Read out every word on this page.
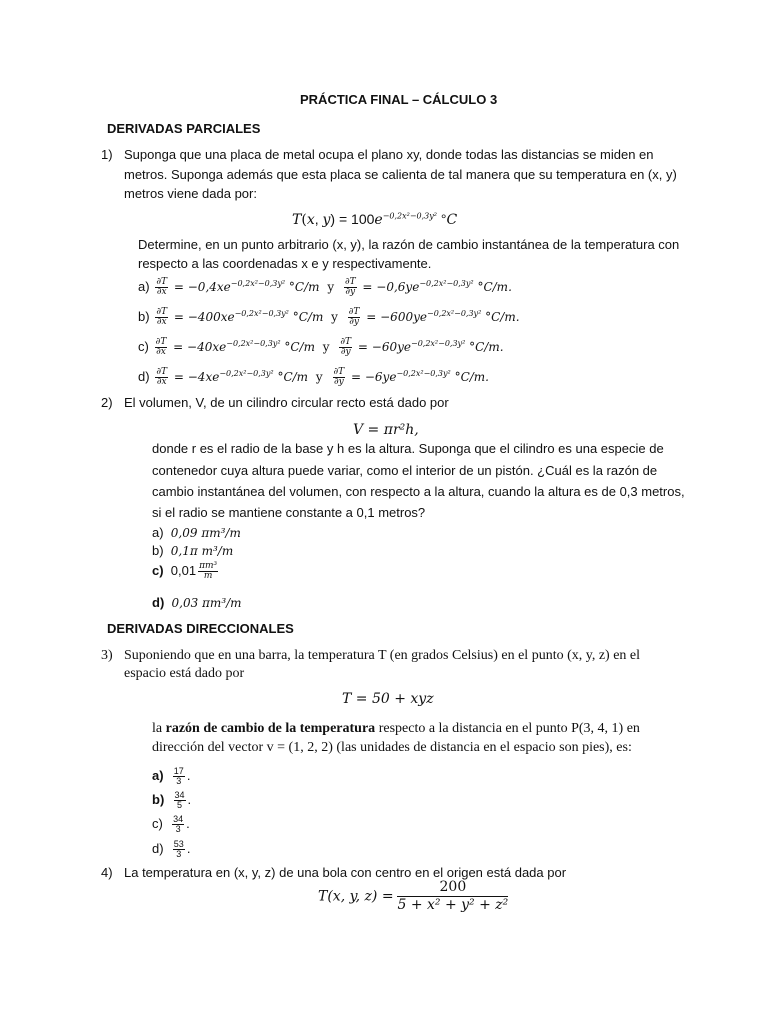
PRÁCTICA FINAL – CÁLCULO 3
DERIVADAS PARCIALES
1) Suponga que una placa de metal ocupa el plano xy, donde todas las distancias se miden en
metros. Suponga además que esta placa se calienta de tal manera que su temperatura en (x, y)
metros viene dada por:
T(x, $y) = 100e^{-0,2x^2-0,3y^2}$ °C
Determine, en un punto arbitrario (x, y), la razón de cambio instantánea de la temperatura con
respecto a las coordenadas x e y respectivamente.
$a) \frac{\partial T}{\partial x} = -0,4xe^{-0,2x^2-0,3y^2}$ °C/m y $\frac{\partial T}{\partial y} = -0,6ye^{-0,2x^2-0,3y^2}$ °C/m.
$b) \frac{\partial T}{\partial x} = -400xe^{-0,2x^2-0,3y^2}$ °C/m y $\frac{\partial T}{\partial y} = -600ye^{-0,2x^2-0,3y^2}$ °C/m.
$c) \frac{\partial T}{\partial x} = -40xe^{-0,2x^2-0,3y^2}$ °C/m y $\frac{\partial T}{\partial y} = -60ye^{-0,2x^2-0,3y^2}$ °C/m.
$d) \frac{\partial T}{\partial x} = -4xe^{-0,2x^2-0,3y^2}$ °C/m y $\frac{\partial T}{\partial y} = -6ye^{-0,2x^2-0,3y^2}$ °C/m.
2) El volumen, V, de un cilindro circular recto está dado por
V = πr²h,
donde r es el radio de la base y h es la altura. Suponga que el cilindro es una especie de
contenedor cuya altura puede variar, como el interior de un pistón. ¿Cuál es la razón de
cambio instantánea del volumen, con respecto a la altura, cuando la altura es de 0,3 metros,
si el radio se mantiene constante a 0,1 metros?
a) 0,09 πm³/m
b) 0,1π m³/m
c) $0,01 \frac{\text{πm³}}{m}$
d) 0,03 πm³/m
DERIVADAS DIRECCIONALES
3) Suponiendo que en una barra, la temperatura T (en grados Celsius) en el punto (x, y, z) en el
espacio está dado por
T = 50 + xyz
la razón de cambio de la temperatura respecto a la distancia en el punto P(3, 4, 1) en
dirección del vector v = (1, 2, 2) (las unidades de distancia en el espacio son pies), es:
$a) \frac{17}{3}$ .
$b) \frac{34}{5}$ .
$c) \frac{34}{3}$ .
$d) \frac{53}{3}$ .
4) La temperatura en (x, y, z) de una bola con centro en el origen está dada por
T(x, y, $z) = \frac{200}{\text{5 + x² + y² + z²}}$
